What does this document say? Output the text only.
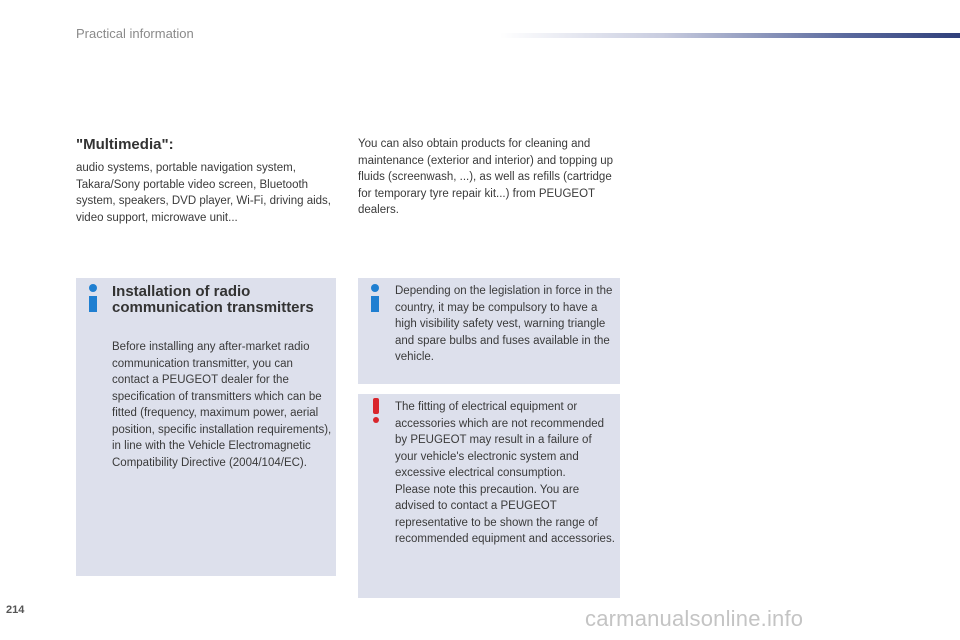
Practical information
"Multimedia":
audio systems, portable navigation system, Takara/Sony portable video screen, Bluetooth system, speakers, DVD player, Wi-Fi, driving aids, video support, microwave unit...
You can also obtain products for cleaning and maintenance (exterior and interior) and topping up fluids (screenwash, ...), as well as refills (cartridge for temporary tyre repair kit...) from PEUGEOT dealers.
Installation of radio communication transmitters
Before installing any after-market radio communication transmitter, you can contact a PEUGEOT dealer for the specification of transmitters which can be fitted (frequency, maximum power, aerial position, specific installation requirements), in line with the Vehicle Electromagnetic Compatibility Directive (2004/104/EC).
Depending on the legislation in force in the country, it may be compulsory to have a high visibility safety vest, warning triangle and spare bulbs and fuses available in the vehicle.
The fitting of electrical equipment or accessories which are not recommended by PEUGEOT may result in a failure of your vehicle's electronic system and excessive electrical consumption.
Please note this precaution. You are advised to contact a PEUGEOT representative to be shown the range of recommended equipment and accessories.
214	carmanualsonline.info
